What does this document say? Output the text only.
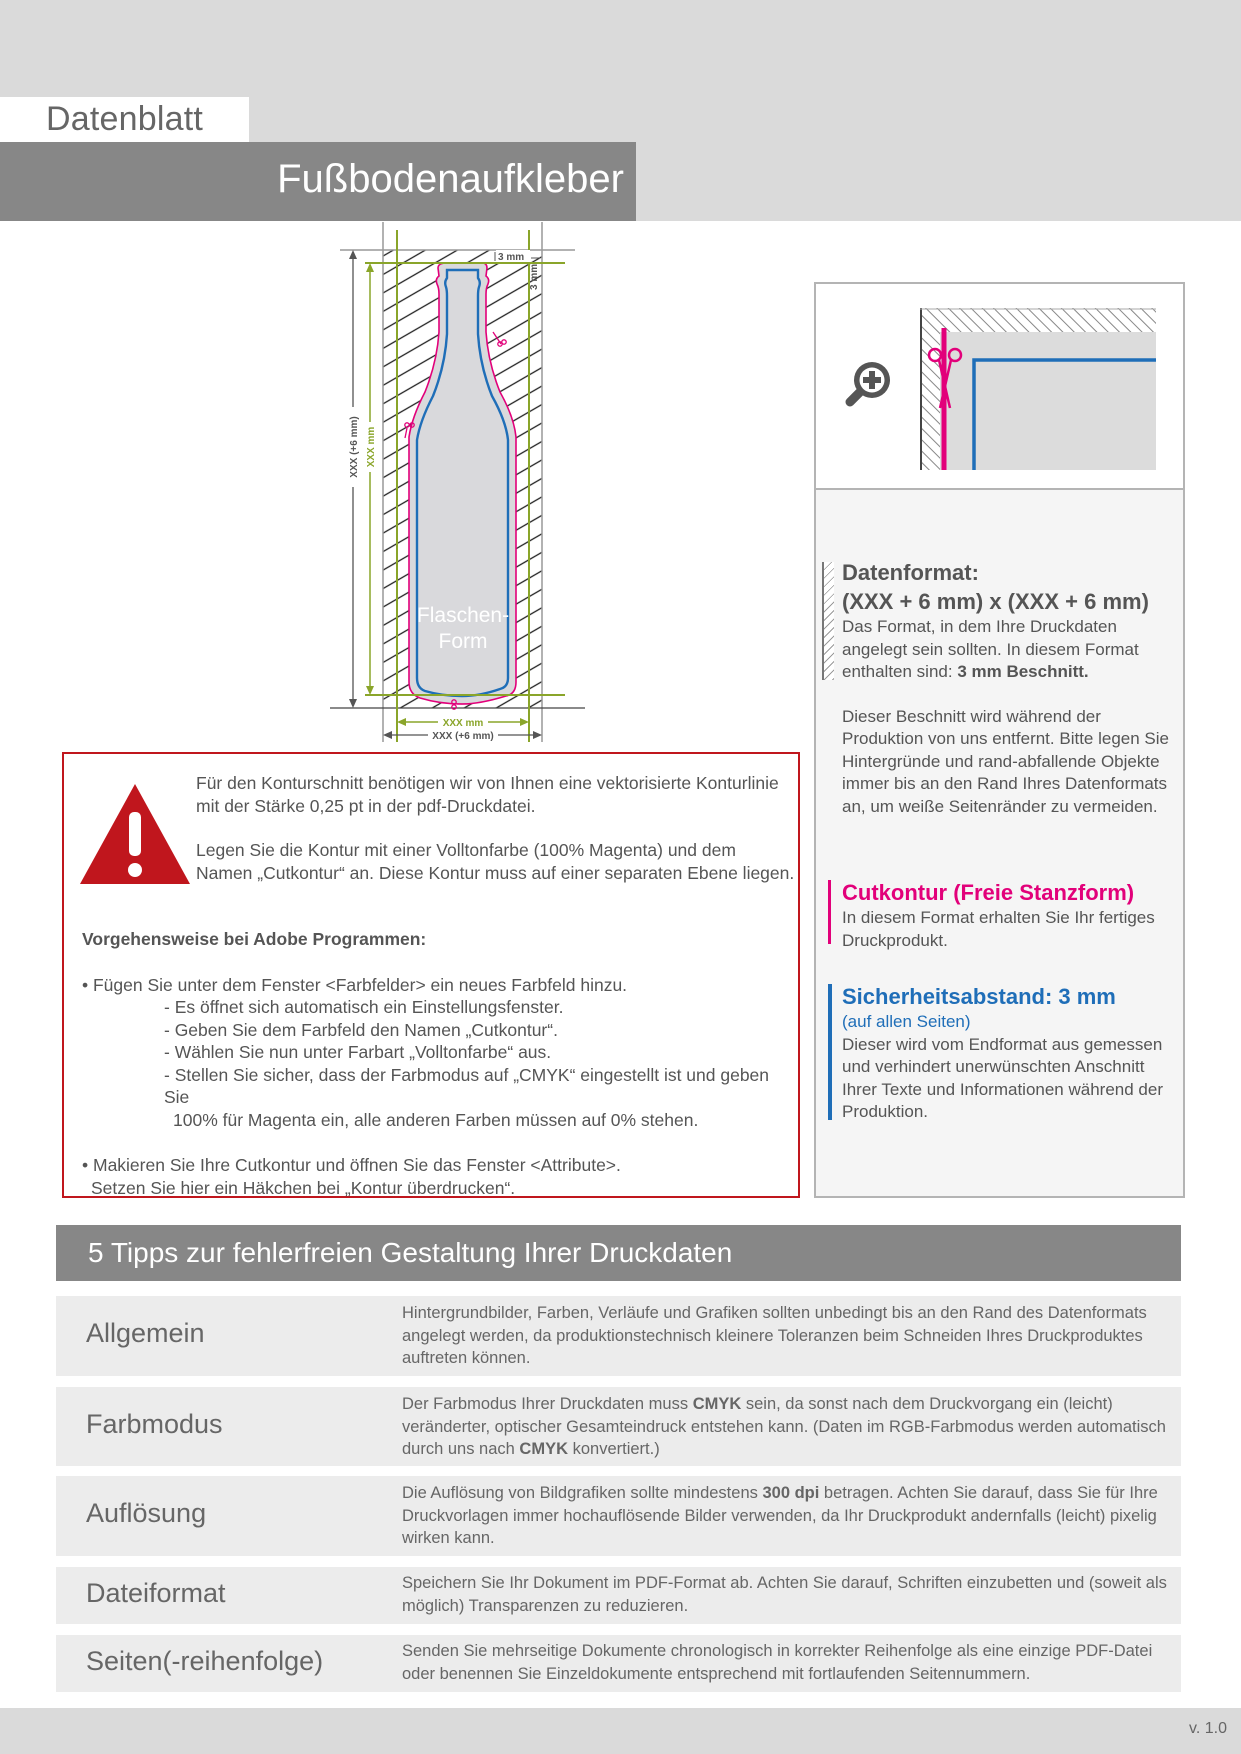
Datenblatt
Fußbodenaufkleber
3 mm
3 mm
XXX (+6 mm) XXX mm
XXX mm
XXX (+6 mm)
Flaschen-
Form
Datenformat:
(XXX + 6 mm) x (XXX + 6 mm)
Das Format, in dem Ihre Druckdaten angelegt sein sollten. In diesem Format enthalten sind: 3 mm Beschnitt.
Dieser Beschnitt wird während der Produktion von uns entfernt. Bitte legen Sie Hintergründe und rand-abfallende Objekte immer bis an den Rand Ihres Datenformats an, um weiße Seitenränder zu vermeiden.
Cutkontur (Freie Stanzform)
In diesem Format erhalten Sie Ihr fertiges Druckprodukt.
Sicherheitsabstand: 3 mm
(auf allen Seiten)
Dieser wird vom Endformat aus gemessen und verhindert unerwünschten Anschnitt Ihrer Texte und Informationen während der Produktion.

Für den Konturschnitt benötigen wir von Ihnen eine vektorisierte Konturlinie mit der Stärke 0,25 pt in der pdf-Druckdatei.

Legen Sie die Kontur mit einer Volltonfarbe (100% Magenta) und dem Namen „Cutkontur“ an. Diese Kontur muss auf einer separaten Ebene liegen.

Vorgehensweise bei Adobe Programmen:
• Fügen Sie unter dem Fenster <Farbfelder> ein neues Farbfeld hinzu.
- Es öffnet sich automatisch ein Einstellungsfenster.
- Geben Sie dem Farbfeld den Namen „Cutkontur“.
- Wählen Sie nun unter Farbart „Volltonfarbe“ aus.
- Stellen Sie sicher, dass der Farbmodus auf „CMYK“ eingestellt ist und geben Sie
100% für Magenta ein, alle anderen Farben müssen auf 0% stehen.
• Makieren Sie Ihre Cutkontur und öffnen Sie das Fenster <Attribute>.
Setzen Sie hier ein Häkchen bei „Kontur überdrucken“.
5 Tipps zur fehlerfreien Gestaltung Ihrer Druckdaten
Allgemein
Hintergrundbilder, Farben, Verläufe und Grafiken sollten unbedingt bis an den Rand des Datenformats angelegt werden, da produktionstechnisch kleinere Toleranzen beim Schneiden Ihres Druckproduktes auftreten können.
Farbmodus
Der Farbmodus Ihrer Druckdaten muss CMYK sein, da sonst nach dem Druckvorgang ein (leicht) veränderter, optischer Gesamteindruck entstehen kann. (Daten im RGB-Farbmodus werden automatisch durch uns nach CMYK konvertiert.)
Auflösung
Die Auflösung von Bildgrafiken sollte mindestens 300 dpi betragen. Achten Sie darauf, dass Sie für Ihre Druckvorlagen immer hochauflösende Bilder verwenden, da Ihr Druckprodukt andernfalls (leicht) pixelig wirken kann.
Dateiformat	Speichern Sie Ihr Dokument im PDF-Format ab. Achten Sie darauf, Schriften einzubetten und (soweit als möglich) Transparenzen zu reduzieren.
Seiten(-reihenfolge)	Senden Sie mehrseitige Dokumente chronologisch in korrekter Reihenfolge als eine einzige PDF-Datei oder benennen Sie Einzeldokumente entsprechend mit fortlaufenden Seitennummern.
v. 1.0
